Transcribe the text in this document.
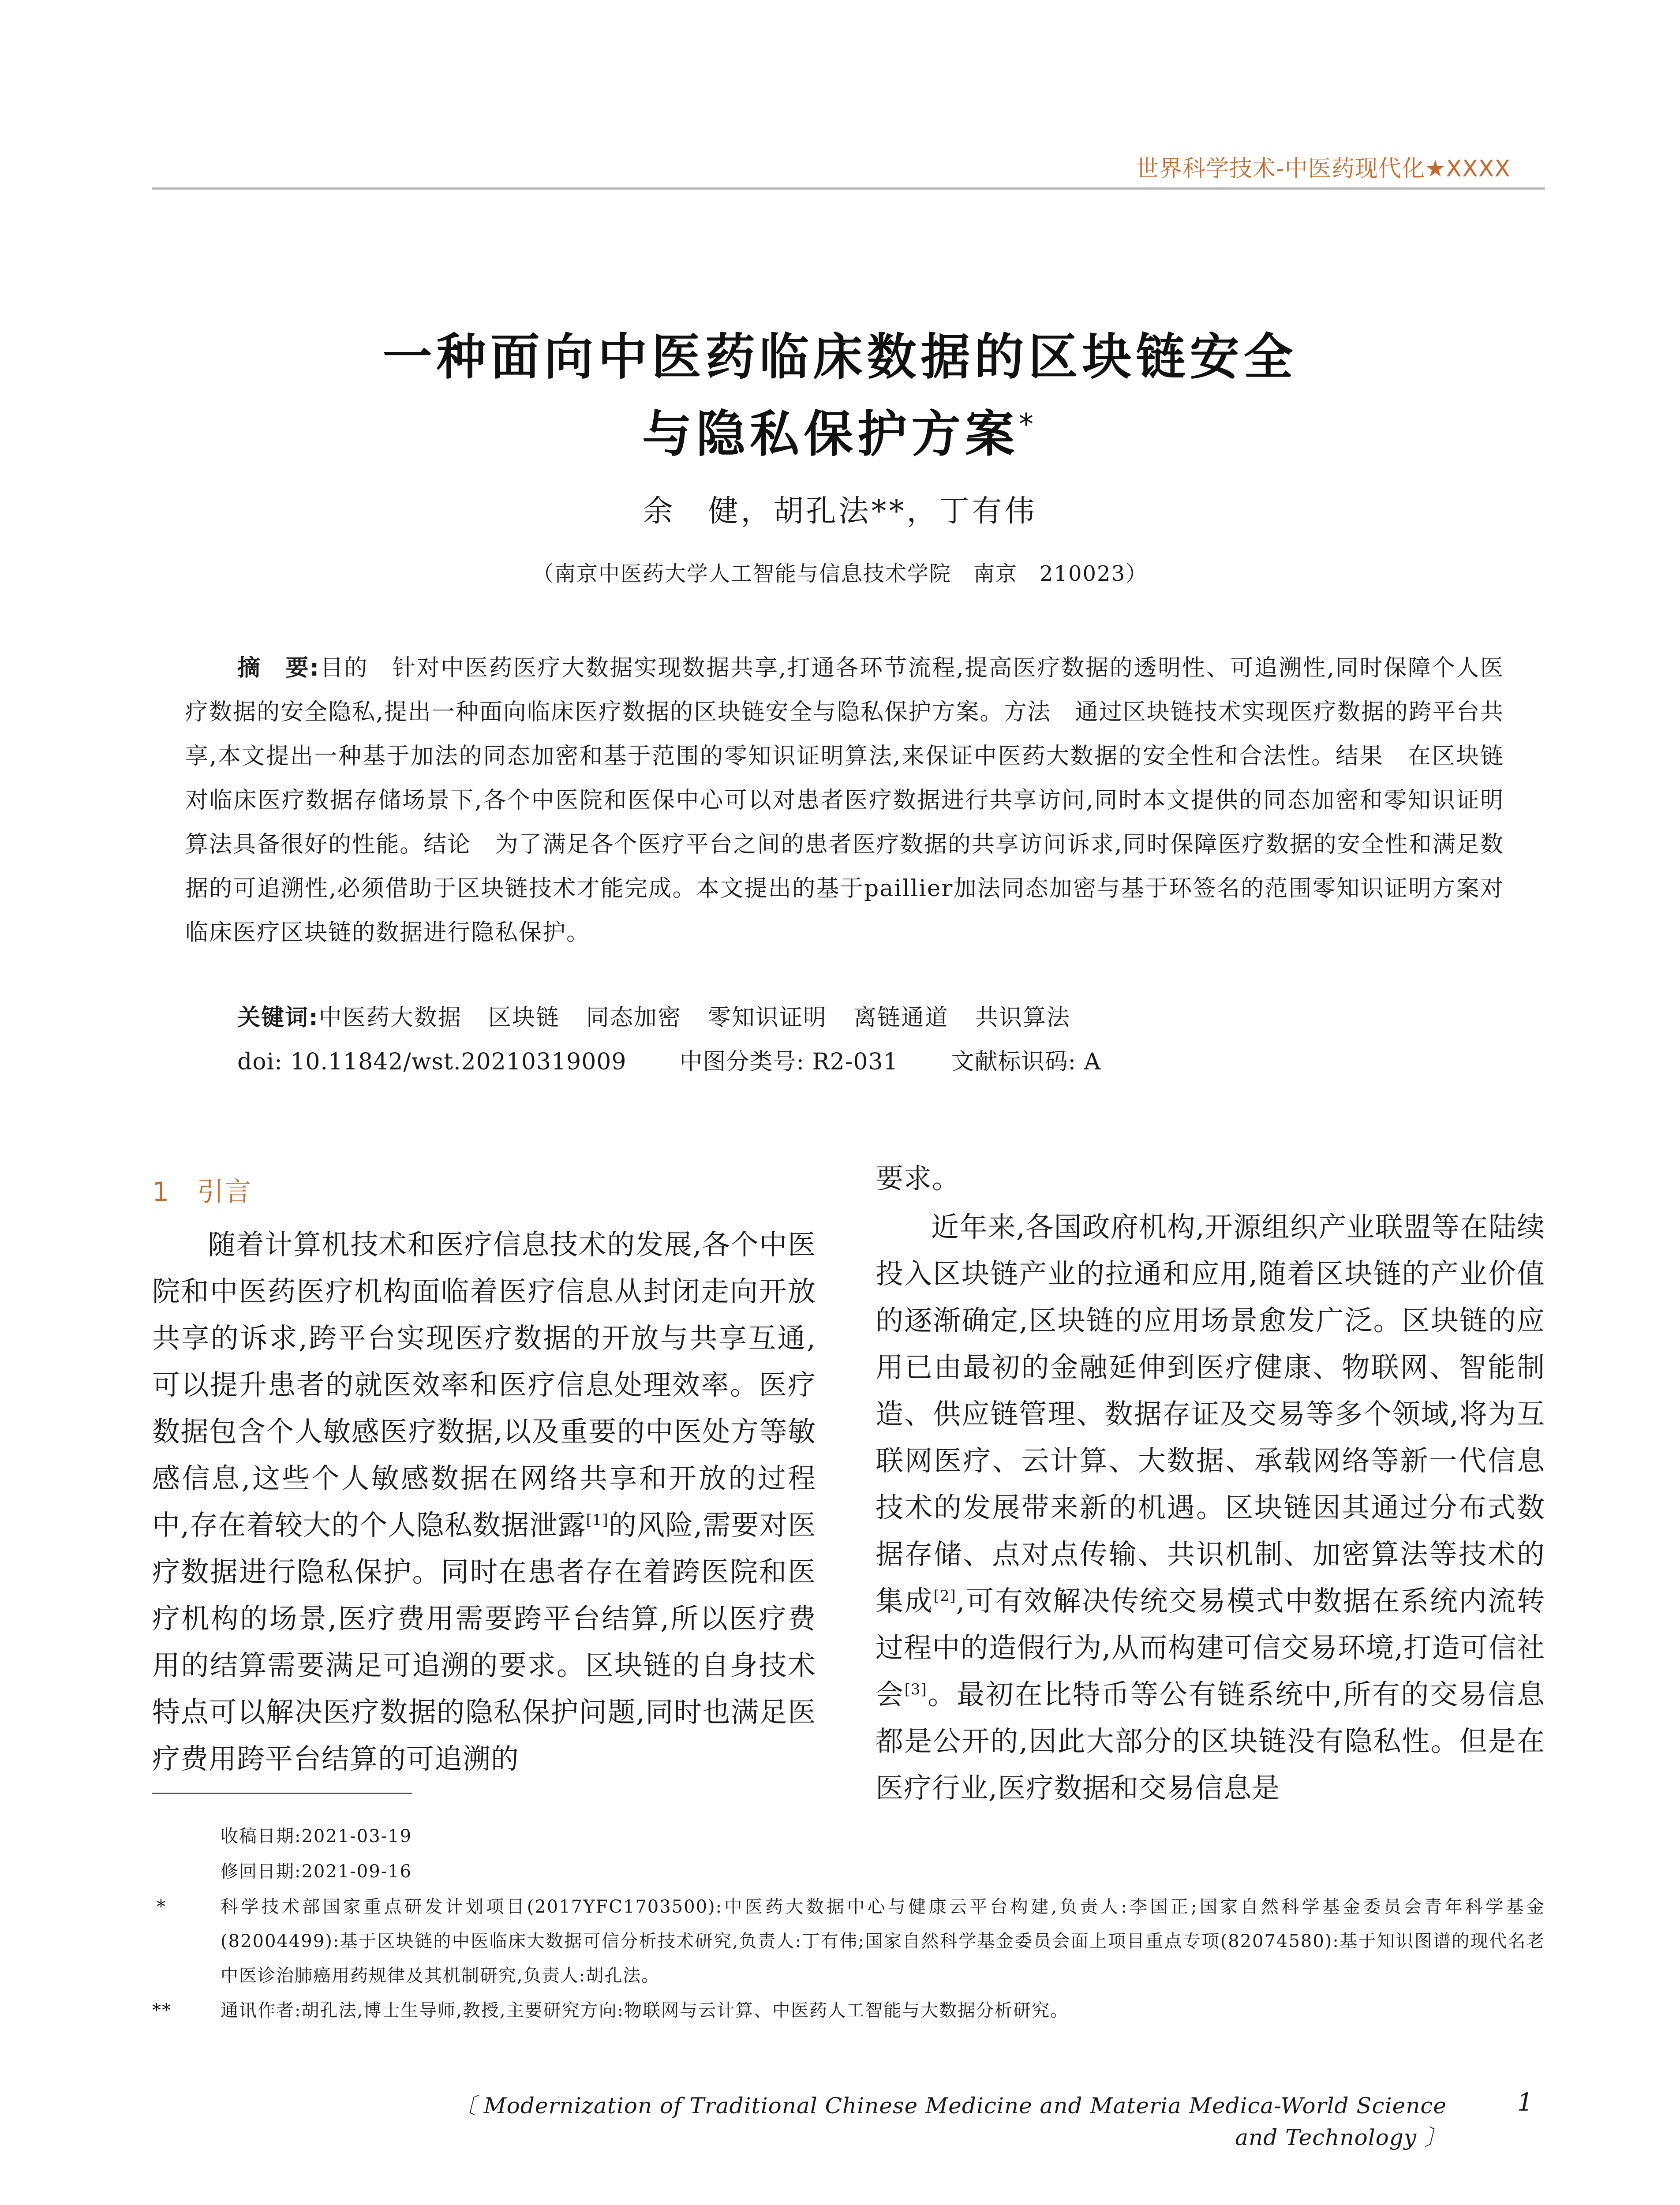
世界科学技术-中医药现代化★XXXX
一种面向中医药临床数据的区块链安全
与隐私保护方案*
余　健，胡孔法**，丁有伟
（南京中医药大学人工智能与信息技术学院　南京　210023）
摘　要:目的　针对中医药医疗大数据实现数据共享,打通各环节流程,提高医疗数据的透明性、可追溯性,同时保障个人医疗数据的安全隐私,提出一种面向临床医疗数据的区块链安全与隐私保护方案。方法　通过区块链技术实现医疗数据的跨平台共享,本文提出一种基于加法的同态加密和基于范围的零知识证明算法,来保证中医药大数据的安全性和合法性。结果　在区块链对临床医疗数据存储场景下,各个中医院和医保中心可以对患者医疗数据进行共享访问,同时本文提供的同态加密和零知识证明算法具备很好的性能。结论　为了满足各个医疗平台之间的患者医疗数据的共享访问诉求,同时保障医疗数据的安全性和满足数据的可追溯性,必须借助于区块链技术才能完成。本文提出的基于paillier加法同态加密与基于环签名的范围零知识证明方案对临床医疗区块链的数据进行隐私保护。
关键词:中医药大数据 区块链 同态加密 零知识证明 离链通道 共识算法
doi: 10.11842/wst.20210319009 中图分类号: R2-031 文献标识码: A
1　引言
随着计算机技术和医疗信息技术的发展,各个中医院和中医药医疗机构面临着医疗信息从封闭走向开放共享的诉求,跨平台实现医疗数据的开放与共享互通,可以提升患者的就医效率和医疗信息处理效率。医疗数据包含个人敏感医疗数据,以及重要的中医处方等敏感信息,这些个人敏感数据在网络共享和开放的过程中,存在着较大的个人隐私数据泄露[1]的风险,需要对医疗数据进行隐私保护。同时在患者存在着跨医院和医疗机构的场景,医疗费用需要跨平台结算,所以医疗费用的结算需要满足可追溯的要求。区块链的自身技术特点可以解决医疗数据的隐私保护问题,同时也满足医疗费用跨平台结算的可追溯的
要求。
近年来,各国政府机构,开源组织产业联盟等在陆续投入区块链产业的拉通和应用,随着区块链的产业价值的逐渐确定,区块链的应用场景愈发广泛。区块链的应用已由最初的金融延伸到医疗健康、物联网、智能制造、供应链管理、数据存证及交易等多个领域,将为互联网医疗、云计算、大数据、承载网络等新一代信息技术的发展带来新的机遇。区块链因其通过分布式数据存储、点对点传输、共识机制、加密算法等技术的集成[2],可有效解决传统交易模式中数据在系统内流转过程中的造假行为,从而构建可信交易环境,打造可信社会[3]。最初在比特币等公有链系统中,所有的交易信息都是公开的,因此大部分的区块链没有隐私性。但是在医疗行业,医疗数据和交易信息是
收稿日期:2021-03-19
修回日期:2021-09-16
*	科学技术部国家重点研发计划项目(2017YFC1703500):中医药大数据中心与健康云平台构建,负责人:李国正;国家自然科学基金委员会青年科学基金(82004499):基于区块链的中医临床大数据可信分析技术研究,负责人:丁有伟;国家自然科学基金委员会面上项目重点专项(82074580):基于知识图谱的现代名老中医诊治肺癌用药规律及其机制研究,负责人:胡孔法。
**	通讯作者:胡孔法,博士生导师,教授,主要研究方向:物联网与云计算、中医药人工智能与大数据分析研究。
〔 Modernization of Traditional Chinese Medicine and Materia Medica-World Science and Technology 〕
1
